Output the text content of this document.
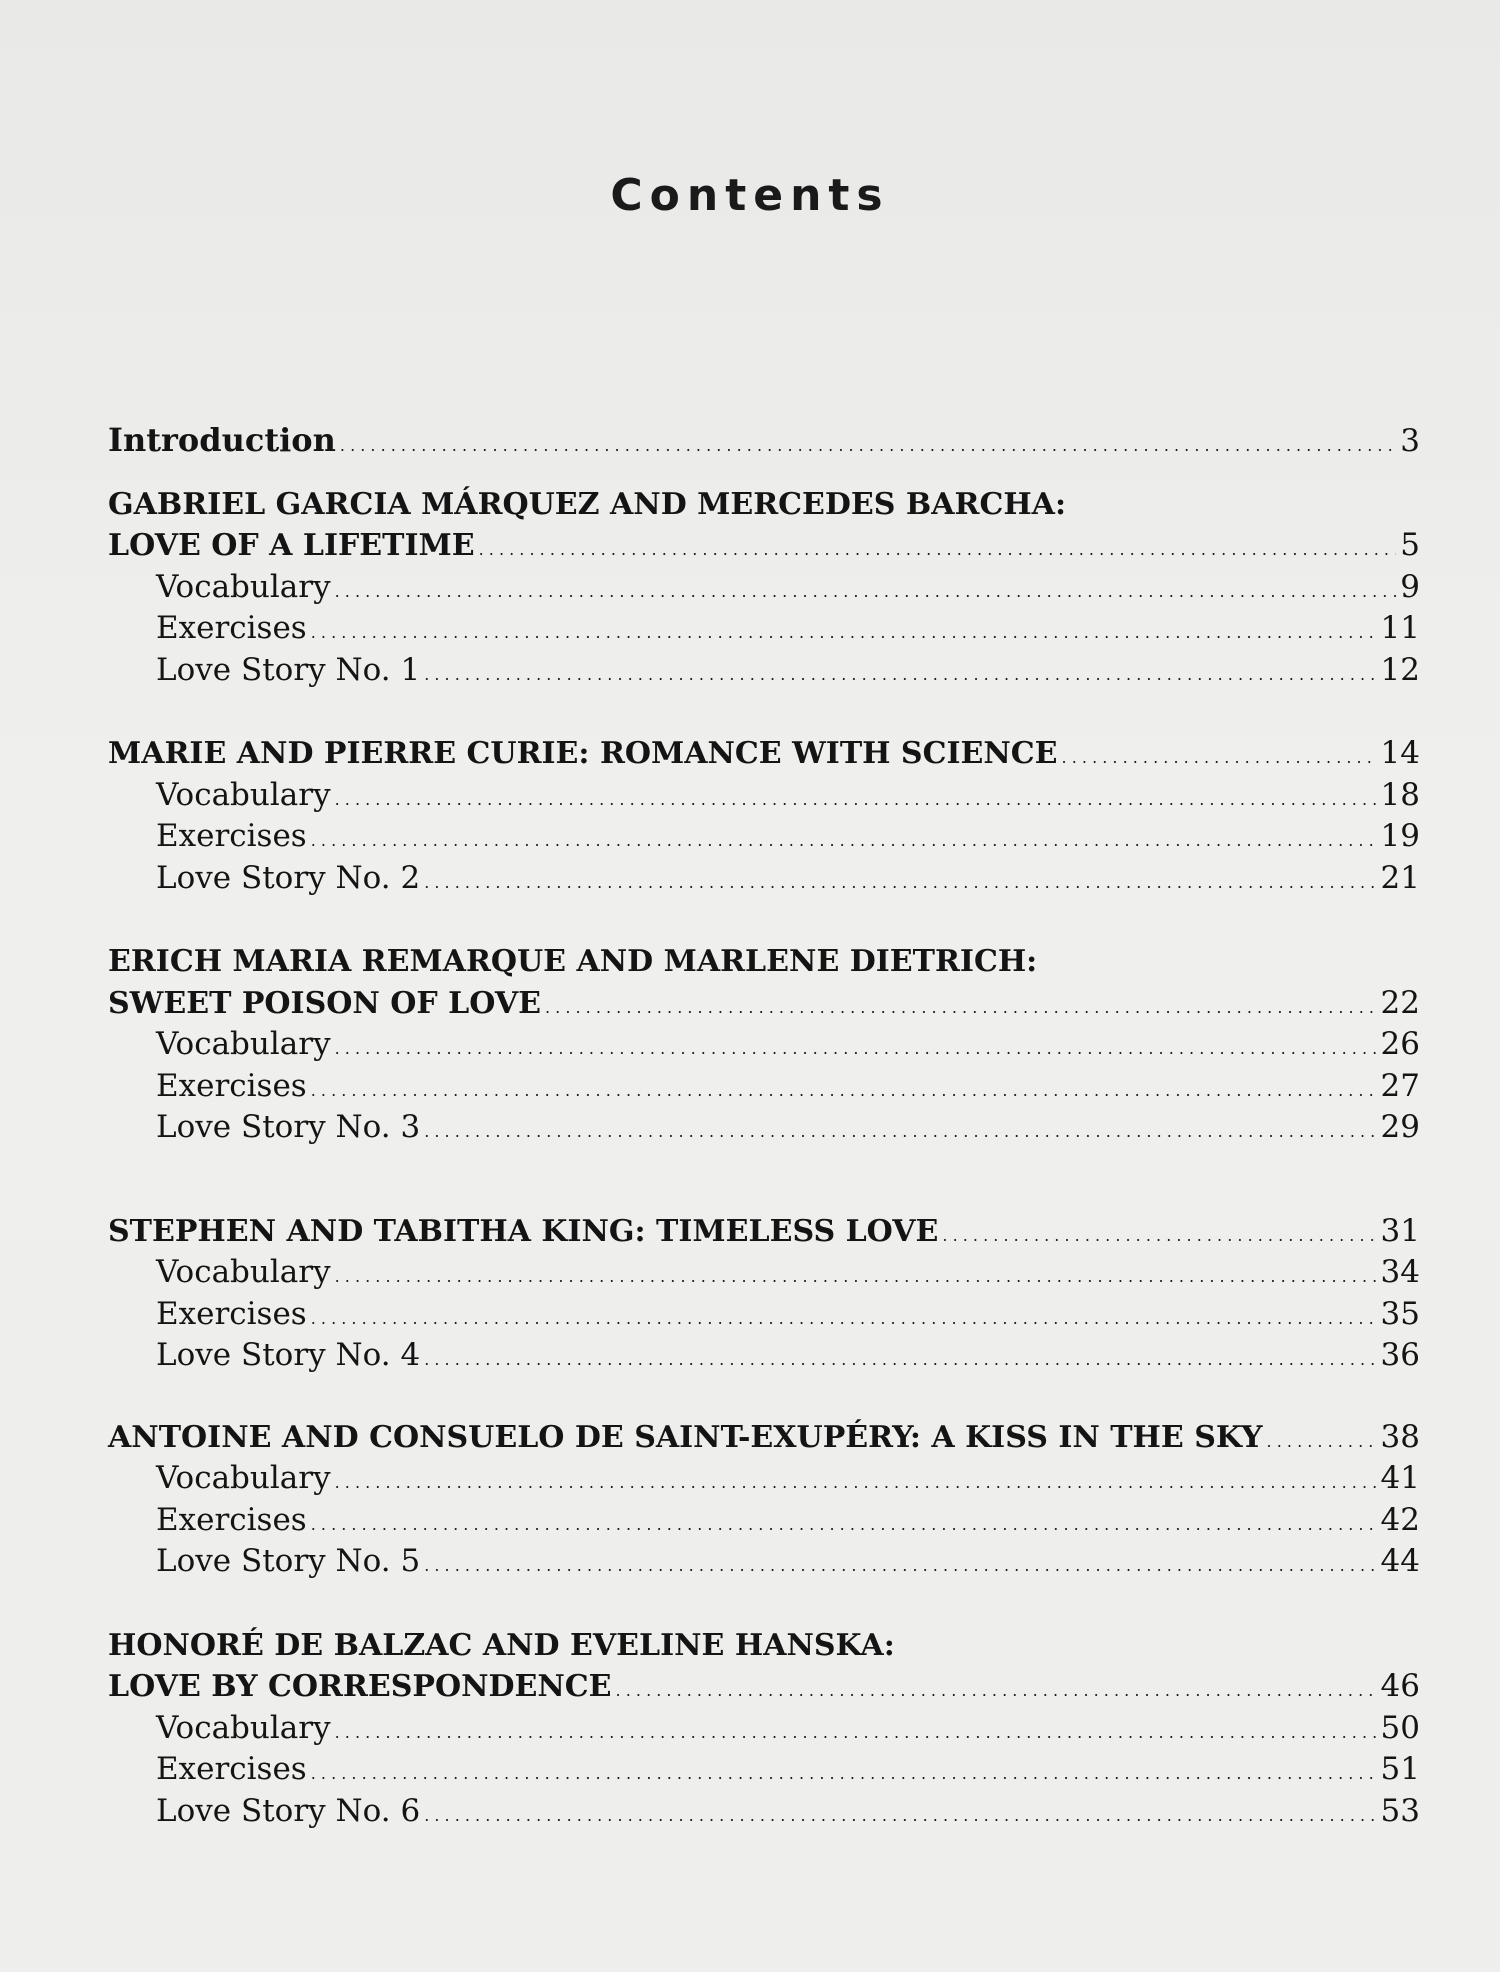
Contents
Introduction . . .	3
GABRIEL GARCIA MÁRQUEZ AND MERCEDES BARCHA:
LOVE OF A LIFETIME . . .	5
Vocabulary . . .	9
Exercises . . .	11
Love Story No. 1 . . .	12
MARIE AND PIERRE CURIE: ROMANCE WITH SCIENCE . . .	14
Vocabulary . . .	18
Exercises . . .	19
Love Story No. 2 . . .	21
ERICH MARIA REMARQUE AND MARLENE DIETRICH:
SWEET POISON OF LOVE . . .	22
Vocabulary . . .	26
Exercises . . .	27
Love Story No. 3 . . .	29
STEPHEN AND TABITHA KING: TIMELESS LOVE . . .	31
Vocabulary . . .	34
Exercises . . .	35
Love Story No. 4 . . .	36
ANTOINE AND CONSUELO DE SAINT-EXUPÉRY: A KISS IN THE SKY . . .	38
Vocabulary . . .	41
Exercises . . .	42
Love Story No. 5 . . .	44
HONORÉ DE BALZAC AND EVELINE HANSKA:
LOVE BY CORRESPONDENCE . . .	46
Vocabulary . . .	50
Exercises . . .	51
Love Story No. 6 . . .	53
